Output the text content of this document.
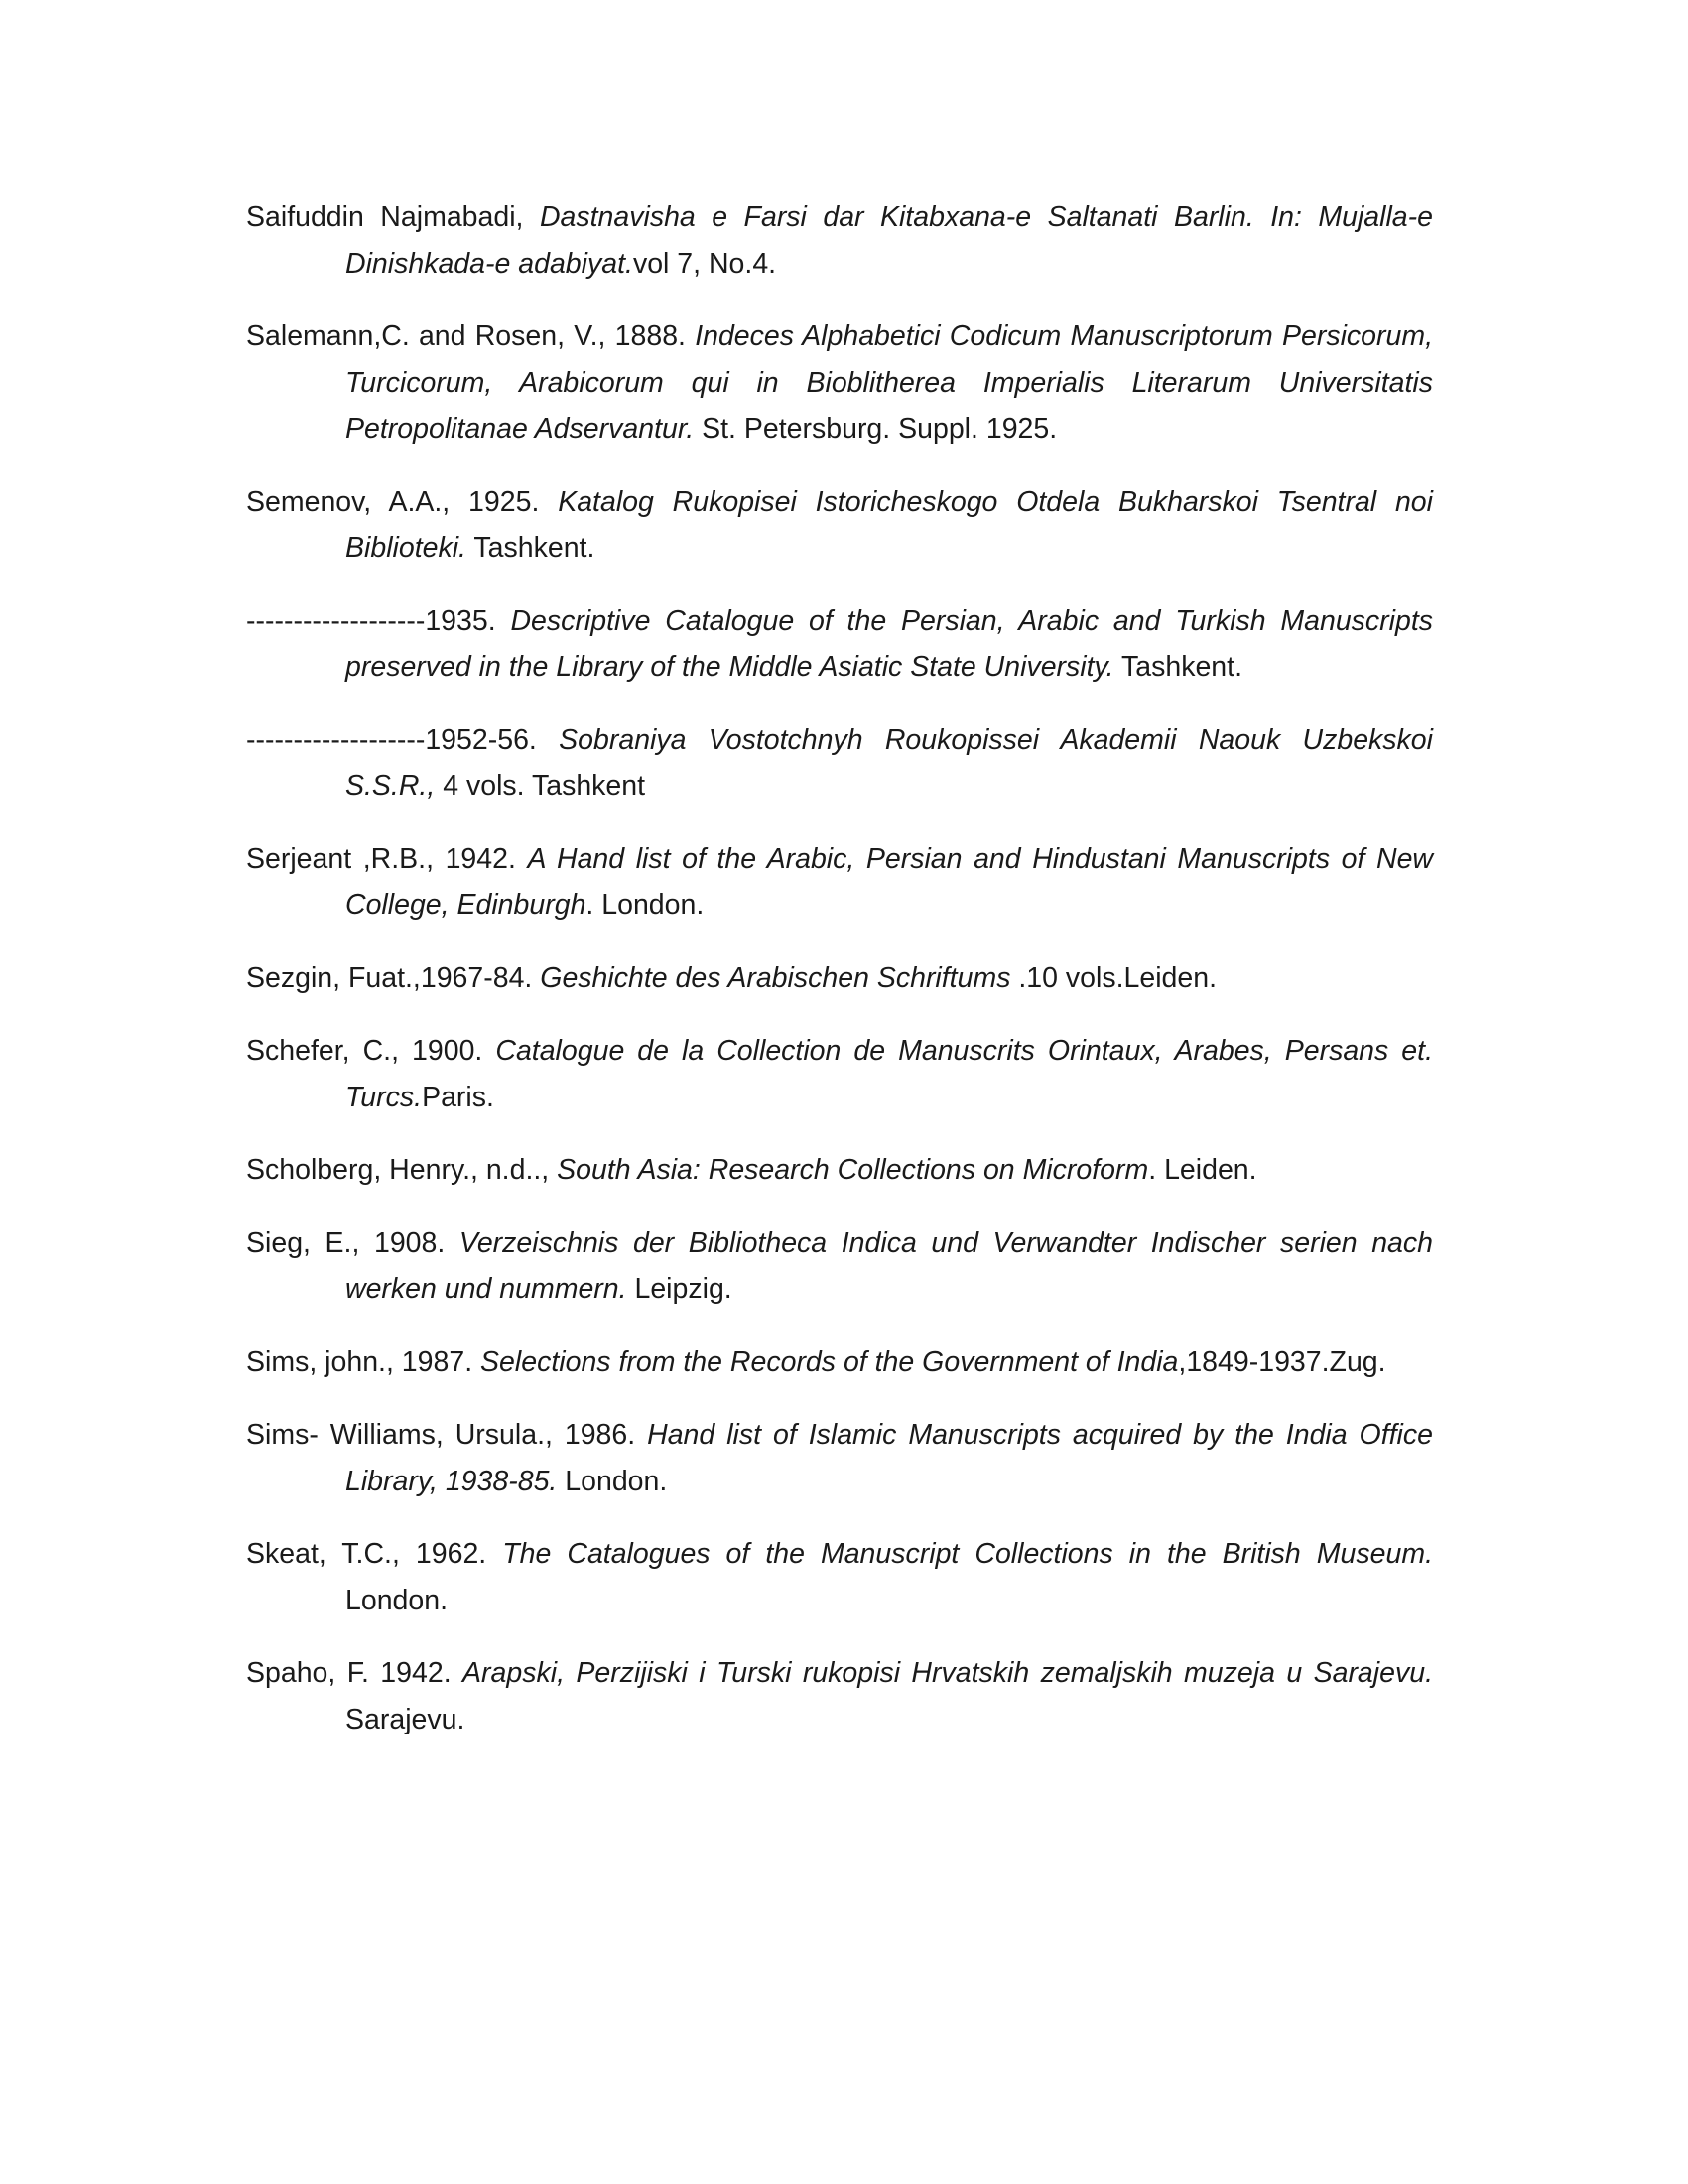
Saifuddin Najmabadi, Dastnavisha e Farsi dar Kitabxana-e Saltanati Barlin. In: Mujalla-e Dinishkada-e adabiyat.vol 7, No.4.

Salemann,C. and Rosen, V., 1888. Indeces Alphabetici Codicum Manuscriptorum Persicorum, Turcicorum, Arabicorum qui in Bioblitherea Imperialis Literarum Universitatis Petropolitanae Adservantur. St. Petersburg. Suppl. 1925.

Semenov, A.A., 1925. Katalog Rukopisei Istoricheskogo Otdela Bukharskoi Tsentral noi Biblioteki. Tashkent.

-------------------1935. Descriptive Catalogue of the Persian, Arabic and Turkish Manuscripts preserved in the Library of the Middle Asiatic State University. Tashkent.

-------------------1952-56. Sobraniya Vostotchnyh Roukopissei Akademii Naouk Uzbekskoi S.S.R., 4 vols. Tashkent

Serjeant ,R.B., 1942. A Hand list of the Arabic, Persian and Hindustani Manuscripts of New College, Edinburgh. London.

Sezgin, Fuat.,1967-84. Geshichte des Arabischen Schriftums .10 vols.Leiden.

Schefer, C., 1900. Catalogue de la Collection de Manuscrits Orintaux, Arabes, Persans et. Turcs.Paris.

Scholberg, Henry., n.d.., South Asia: Research Collections on Microform. Leiden.

Sieg, E., 1908. Verzeischnis der Bibliotheca Indica und Verwandter Indischer serien nach werken und nummern. Leipzig.

Sims, john., 1987. Selections from the Records of the Government of India,1849-1937.Zug.

Sims- Williams, Ursula., 1986. Hand list of Islamic Manuscripts acquired by the India Office Library, 1938-85. London.

Skeat, T.C., 1962. The Catalogues of the Manuscript Collections in the British Museum. London.

Spaho, F. 1942. Arapski, Perzijiski i Turski rukopisi Hrvatskih zemaljskih muzeja u Sarajevu. Sarajevu.
